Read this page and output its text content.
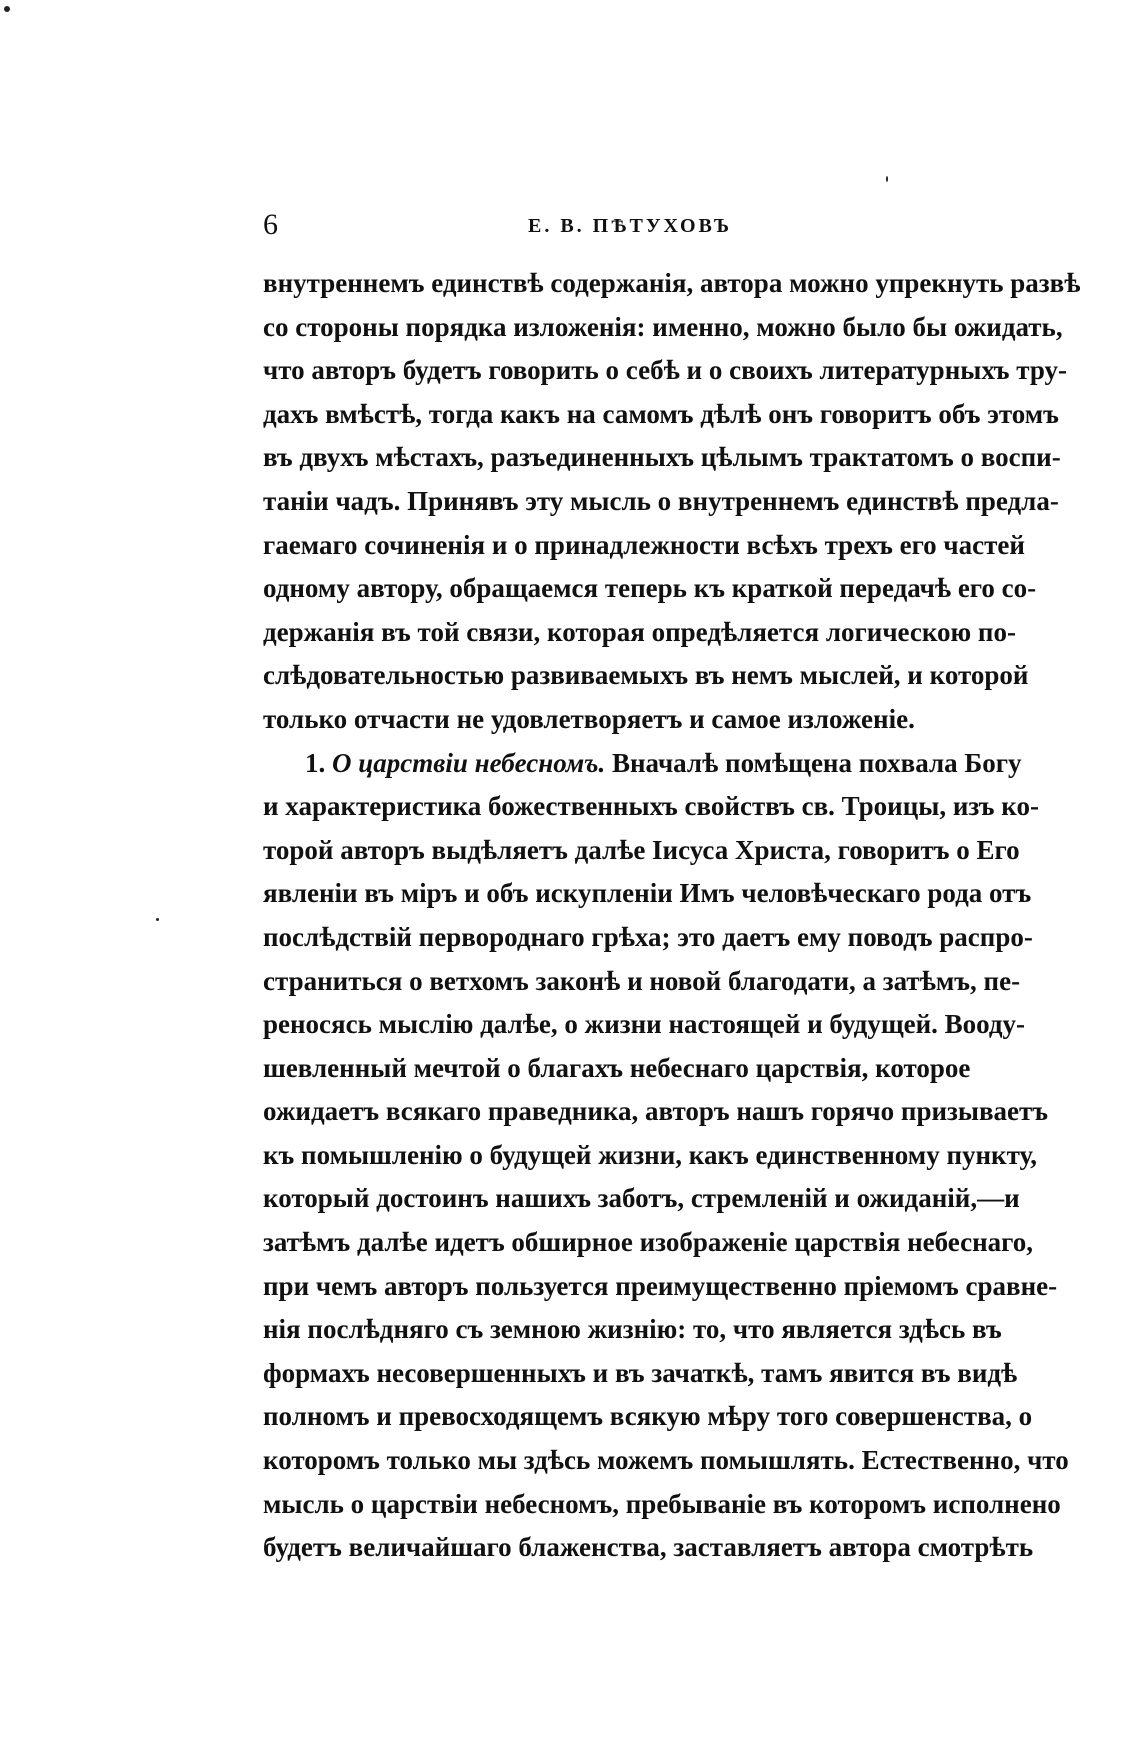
6	Е. В. ПѢТУХОВЪ
внутреннемъ единствѣ содержанія, автора можно упрекнуть развѣ
со стороны порядка изложенія: именно, можно было бы ожидать,
что авторъ будетъ говорить о себѣ и о своихъ литературныхъ тру-
дахъ вмѣстѣ, тогда какъ на самомъ дѣлѣ онъ говоритъ объ этомъ
въ двухъ мѣстахъ, разъединенныхъ цѣлымъ трактатомъ о воспи-
таніи чадъ. Принявъ эту мысль о внутреннемъ единствѣ предла-
гаемаго сочиненія и о принадлежности всѣхъ трехъ его частей
одному автору, обращаемся теперь къ краткой передачѣ его со-
держанія въ той связи, которая опредѣляется логическою по-
слѣдовательностью развиваемыхъ въ немъ мыслей, и которой
только отчасти не удовлетворяетъ и самое изложеніе.
1. О царствіи небесномъ. Вначалѣ помѣщена похвала Богу
и характеристика божественныхъ свойствъ св. Троицы, изъ ко-
торой авторъ выдѣляетъ далѣе Іисуса Христа, говоритъ о Его
явленіи въ міръ и объ искупленіи Имъ человѣческаго рода отъ
послѣдствій первороднаго грѣха; это даетъ ему поводъ распро-
страниться о ветхомъ законѣ и новой благодати, а затѣмъ, пе-
реносясь мыслію далѣе, о жизни настоящей и будущей. Вооду-
шевленный мечтой о благахъ небеснаго царствія, которое
ожидаетъ всякаго праведника, авторъ нашъ горячо призываетъ
къ помышленію о будущей жизни, какъ единственному пункту,
который достоинъ нашихъ заботъ, стремленій и ожиданій,—и
затѣмъ далѣе идетъ обширное изображеніе царствія небеснаго,
при чемъ авторъ пользуется преимущественно пріемомъ сравне-
нія послѣдняго съ земною жизнію: то, что является здѣсь въ
формахъ несовершенныхъ и въ зачаткѣ, тамъ явится въ видѣ
полномъ и превосходящемъ всякую мѣру того совершенства, о
которомъ только мы здѣсь можемъ помышлять. Естественно, что
мысль о царствіи небесномъ, пребываніе въ которомъ исполнено
будетъ величайшаго блаженства, заставляетъ автора смотрѣть
